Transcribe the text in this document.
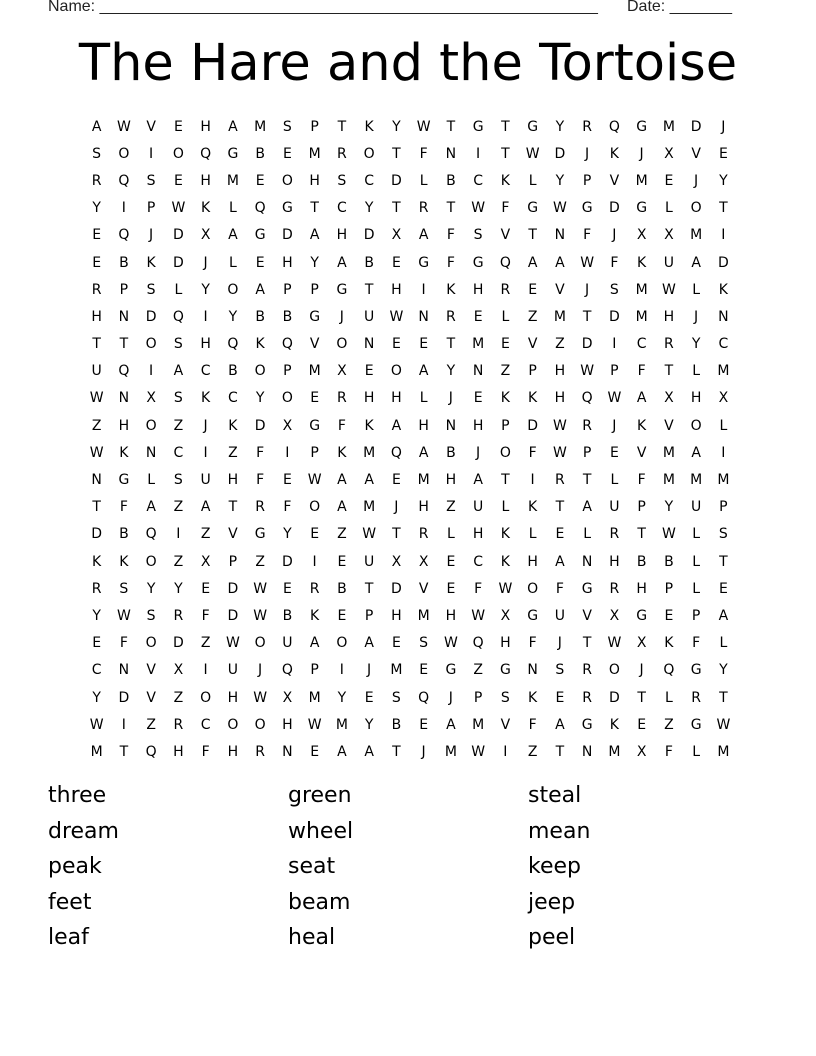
Name: ________________________________________________________ Date: _______
The Hare and the Tortoise
A	W	V	E	H	A	M	S	P	T	K	Y	W	T	G	T	G	Y	R	Q	G	M	D	J
S	O	I	O	Q	G	B	E	M	R	O	T	F	N	I	T	W	D	J	K	J	X	V	E
R	Q	S	E	H	M	E	O	H	S	C	D	L	B	C	K	L	Y	P	V	M	E	J	Y
Y	I	P	W	K	L	Q	G	T	C	Y	T	R	T	W	F	G	W	G	D	G	L	O	T
E	Q	J	D	X	A	G	D	A	H	D	X	A	F	S	V	T	N	F	J	X	X	M	I
E	B	K	D	J	L	E	H	Y	A	B	E	G	F	G	Q	A	A	W	F	K	U	A	D
R	P	S	L	Y	O	A	P	P	G	T	H	I	K	H	R	E	V	J	S	M	W	L	K
H	N	D	Q	I	Y	B	B	G	J	U	W	N	R	E	L	Z	M	T	D	M	H	J	N
T	T	O	S	H	Q	K	Q	V	O	N	E	E	T	M	E	V	Z	D	I	C	R	Y	C
U	Q	I	A	C	B	O	P	M	X	E	O	A	Y	N	Z	P	H	W	P	F	T	L	M
W	N	X	S	K	C	Y	O	E	R	H	H	L	J	E	K	K	H	Q	W	A	X	H	X
Z	H	O	Z	J	K	D	X	G	F	K	A	H	N	H	P	D	W	R	J	K	V	O	L
W	K	N	C	I	Z	F	I	P	K	M	Q	A	B	J	O	F	W	P	E	V	M	A	I
N	G	L	S	U	H	F	E	W	A	A	E	M	H	A	T	I	R	T	L	F	M	M	M
T	F	A	Z	A	T	R	F	O	A	M	J	H	Z	U	L	K	T	A	U	P	Y	U	P
D	B	Q	I	Z	V	G	Y	E	Z	W	T	R	L	H	K	L	E	L	R	T	W	L	S
K	K	O	Z	X	P	Z	D	I	E	U	X	X	E	C	K	H	A	N	H	B	B	L	T
R	S	Y	Y	E	D	W	E	R	B	T	D	V	E	F	W	O	F	G	R	H	P	L	E
Y	W	S	R	F	D	W	B	K	E	P	H	M	H	W	X	G	U	V	X	G	E	P	A
E	F	O	D	Z	W	O	U	A	O	A	E	S	W	Q	H	F	J	T	W	X	K	F	L
C	N	V	X	I	U	J	Q	P	I	J	M	E	G	Z	G	N	S	R	O	J	Q	G	Y
Y	D	V	Z	O	H	W	X	M	Y	E	S	Q	J	P	S	K	E	R	D	T	L	R	T
W	I	Z	R	C	O	O	H	W	M	Y	B	E	A	M	V	F	A	G	K	E	Z	G	W
M	T	Q	H	F	H	R	N	E	A	A	T	J	M	W	I	Z	T	N	M	X	F	L	M
three
dream
peak
feet
leaf
green
wheel
seat
beam
heal
steal
mean
keep
jeep
peel
